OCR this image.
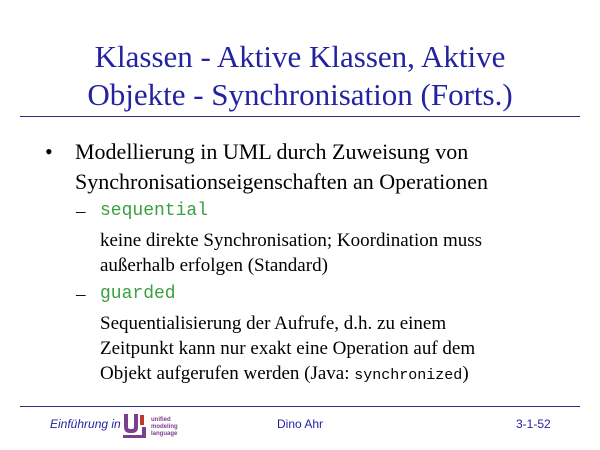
Klassen - Aktive Klassen, Aktive
Objekte - Synchronisation (Forts.)
• Modellierung in UML durch Zuweisung von
Synchronisationseigenschaften an Operationen
– sequential
keine direkte Synchronisation; Koordination muss
außerhalb erfolgen (Standard)
– guarded
Sequentialisierung der Aufrufe, d.h. zu einem
Zeitpunkt kann nur exakt eine Operation auf dem
Objekt aufgerufen werden (Java: synchronized)
Einführung in	unified
modeling
language
Dino Ahr	3-1-52
